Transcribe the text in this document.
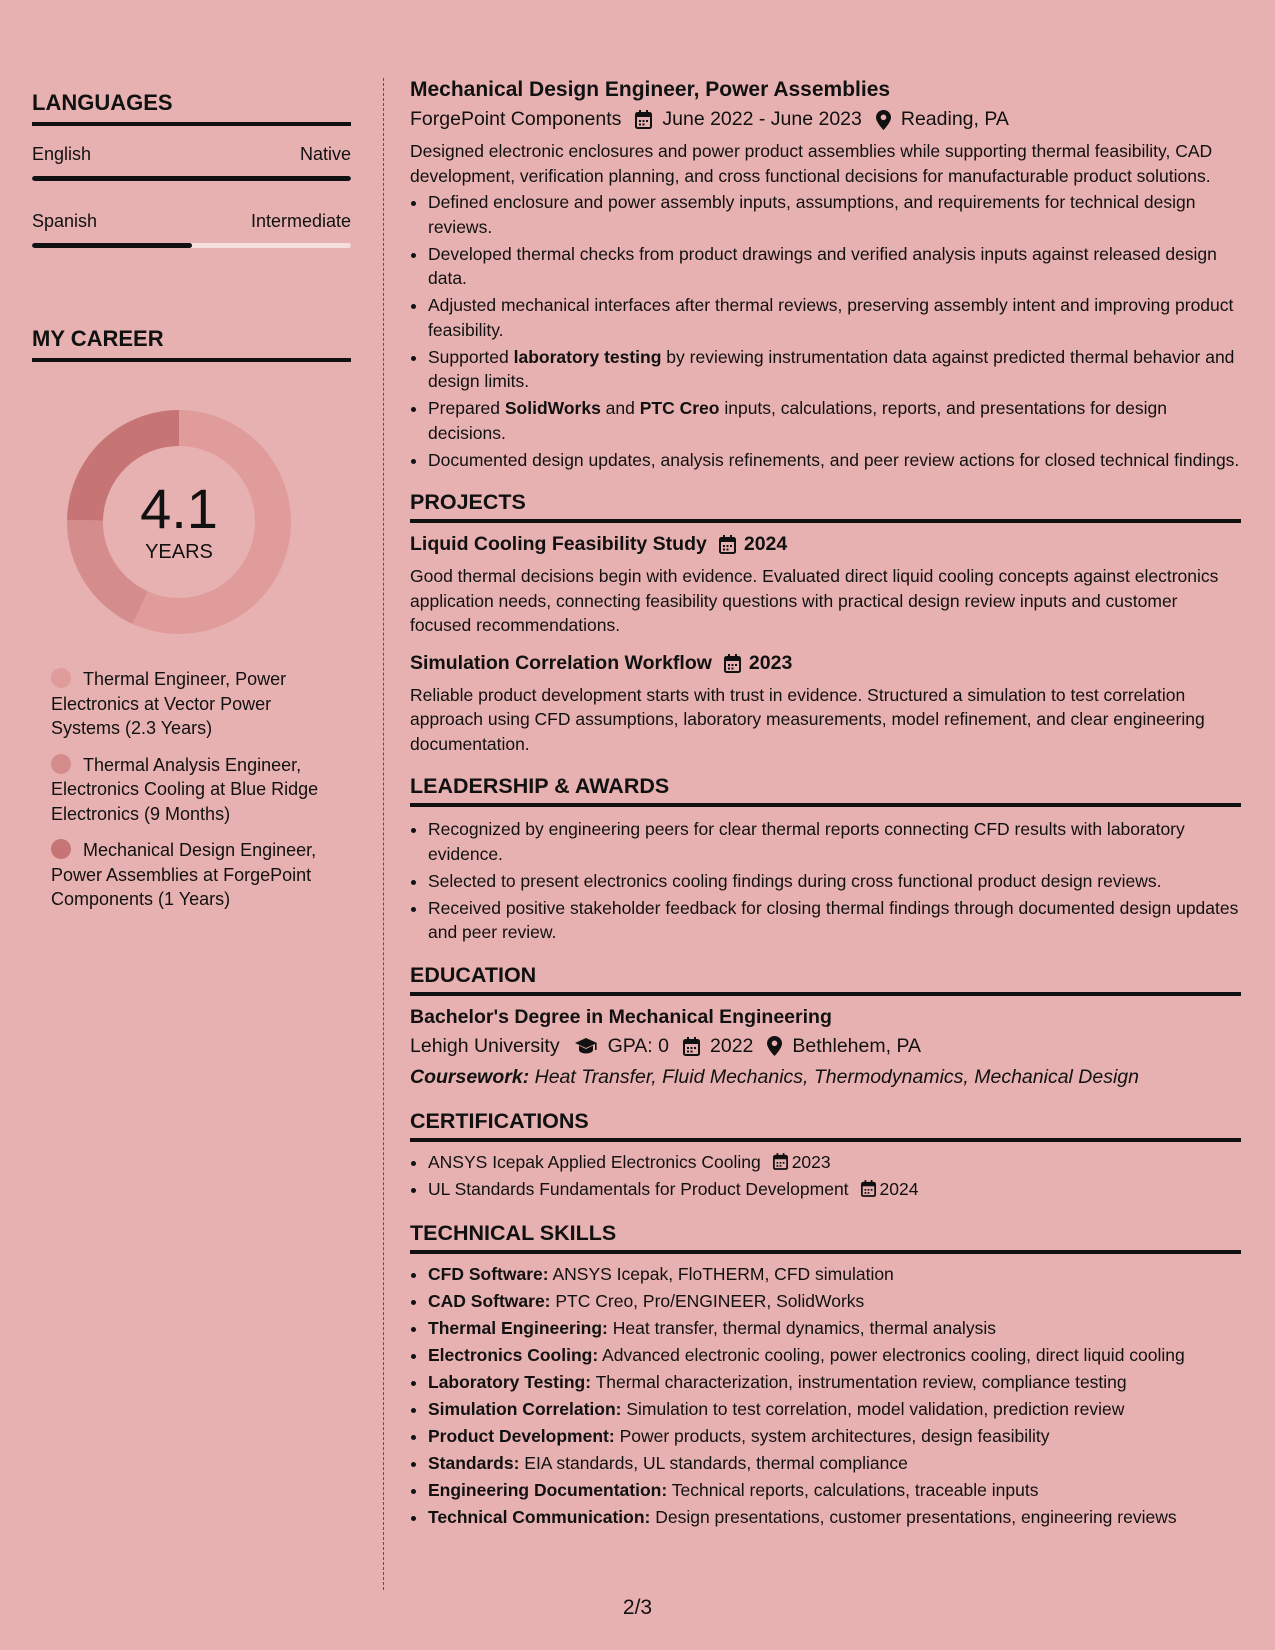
LANGUAGES
English	Native
Spanish	Intermediate
MY CAREER
4.1
YEARS
Thermal Engineer, Power Electronics at Vector Power Systems (2.3 Years)
Thermal Analysis Engineer, Electronics Cooling at Blue Ridge Electronics (9 Months)
Mechanical Design Engineer, Power Assemblies at ForgePoint Components (1 Years)
Mechanical Design Engineer, Power Assemblies
ForgePoint Components June 2022 - June 2023 Reading, PA
Designed electronic enclosures and power product assemblies while supporting thermal feasibility, CAD development, verification planning, and cross functional decisions for manufacturable product solutions.
• Defined enclosure and power assembly inputs, assumptions, and requirements for technical design reviews.
• Developed thermal checks from product drawings and verified analysis inputs against released design data.
• Adjusted mechanical interfaces after thermal reviews, preserving assembly intent and improving product feasibility.
• Supported laboratory testing by reviewing instrumentation data against predicted thermal behavior and design limits.
• Prepared SolidWorks and PTC Creo inputs, calculations, reports, and presentations for design decisions.
• Documented design updates, analysis refinements, and peer review actions for closed technical findings.
PROJECTS
Liquid Cooling Feasibility Study 2024
Good thermal decisions begin with evidence. Evaluated direct liquid cooling concepts against electronics application needs, connecting feasibility questions with practical design review inputs and customer focused recommendations.
Simulation Correlation Workflow 2023
Reliable product development starts with trust in evidence. Structured a simulation to test correlation approach using CFD assumptions, laboratory measurements, model refinement, and clear engineering documentation.
LEADERSHIP & AWARDS
• Recognized by engineering peers for clear thermal reports connecting CFD results with laboratory evidence.
• Selected to present electronics cooling findings during cross functional product design reviews.
• Received positive stakeholder feedback for closing thermal findings through documented design updates and peer review.
EDUCATION
Bachelor's Degree in Mechanical Engineering
Lehigh University GPA: 0 2022 Bethlehem, PA
Coursework: Heat Transfer, Fluid Mechanics, Thermodynamics, Mechanical Design
CERTIFICATIONS
• ANSYS Icepak Applied Electronics Cooling 2023
• UL Standards Fundamentals for Product Development 2024
TECHNICAL SKILLS
• CFD Software: ANSYS Icepak, FloTHERM, CFD simulation
• CAD Software: PTC Creo, Pro/ENGINEER, SolidWorks
• Thermal Engineering: Heat transfer, thermal dynamics, thermal analysis
• Electronics Cooling: Advanced electronic cooling, power electronics cooling, direct liquid cooling
• Laboratory Testing: Thermal characterization, instrumentation review, compliance testing
• Simulation Correlation: Simulation to test correlation, model validation, prediction review
• Product Development: Power products, system architectures, design feasibility
• Standards: EIA standards, UL standards, thermal compliance
• Engineering Documentation: Technical reports, calculations, traceable inputs
• Technical Communication: Design presentations, customer presentations, engineering reviews
2/3
